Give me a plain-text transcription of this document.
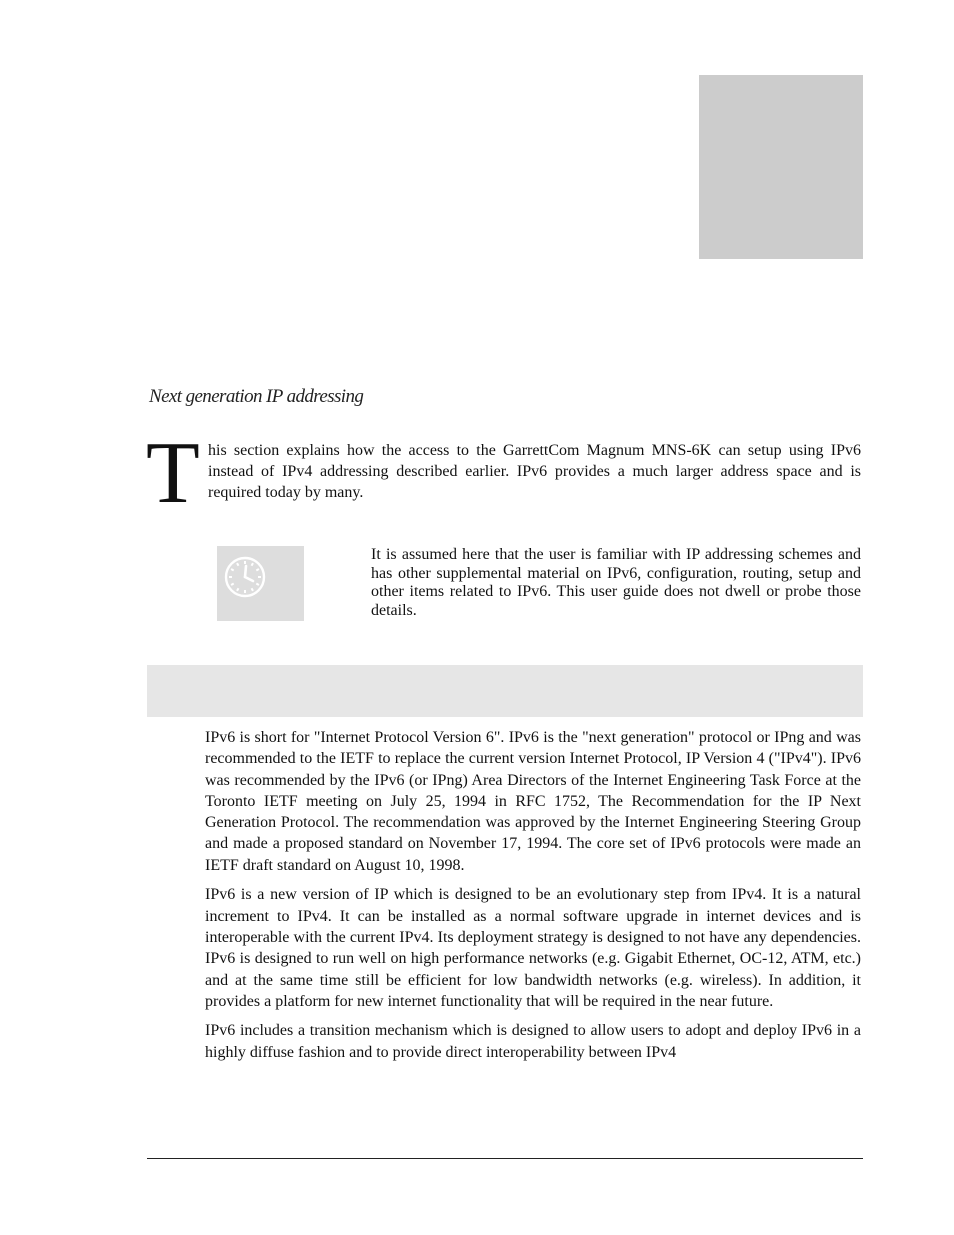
Next generation IP addressing
T his section explains how the access to the GarrettCom Magnum MNS-6K can setup using IPv6 instead of IPv4 addressing described earlier. IPv6 provides a much larger address space and is required today by many.
It is assumed here that the user is familiar with IP addressing schemes and has other supplemental material on IPv6, configuration, routing, setup and other items related to IPv6. This user guide does not dwell or probe those details.

IPv6 is short for "Internet Protocol Version 6". IPv6 is the "next generation" protocol or IPng and was recommended to the IETF to replace the current version Internet Protocol, IP Version 4 ("IPv4"). IPv6 was recommended by the IPv6 (or IPng) Area Directors of the Internet Engineering Task Force at the Toronto IETF meeting on July 25, 1994 in RFC 1752, The Recommendation for the IP Next Generation Protocol. The recommendation was approved by the Internet Engineering Steering Group and made a proposed standard on November 17, 1994. The core set of IPv6 protocols were made an IETF draft standard on August 10, 1998.

IPv6 is a new version of IP which is designed to be an evolutionary step from IPv4. It is a natural increment to IPv4. It can be installed as a normal software upgrade in internet devices and is interoperable with the current IPv4. Its deployment strategy is designed to not have any dependencies. IPv6 is designed to run well on high performance networks (e.g. Gigabit Ethernet, OC-12, ATM, etc.) and at the same time still be efficient for low bandwidth networks (e.g. wireless). In addition, it provides a platform for new internet functionality that will be required in the near future.

IPv6 includes a transition mechanism which is designed to allow users to adopt and deploy IPv6 in a highly diffuse fashion and to provide direct interoperability between IPv4
